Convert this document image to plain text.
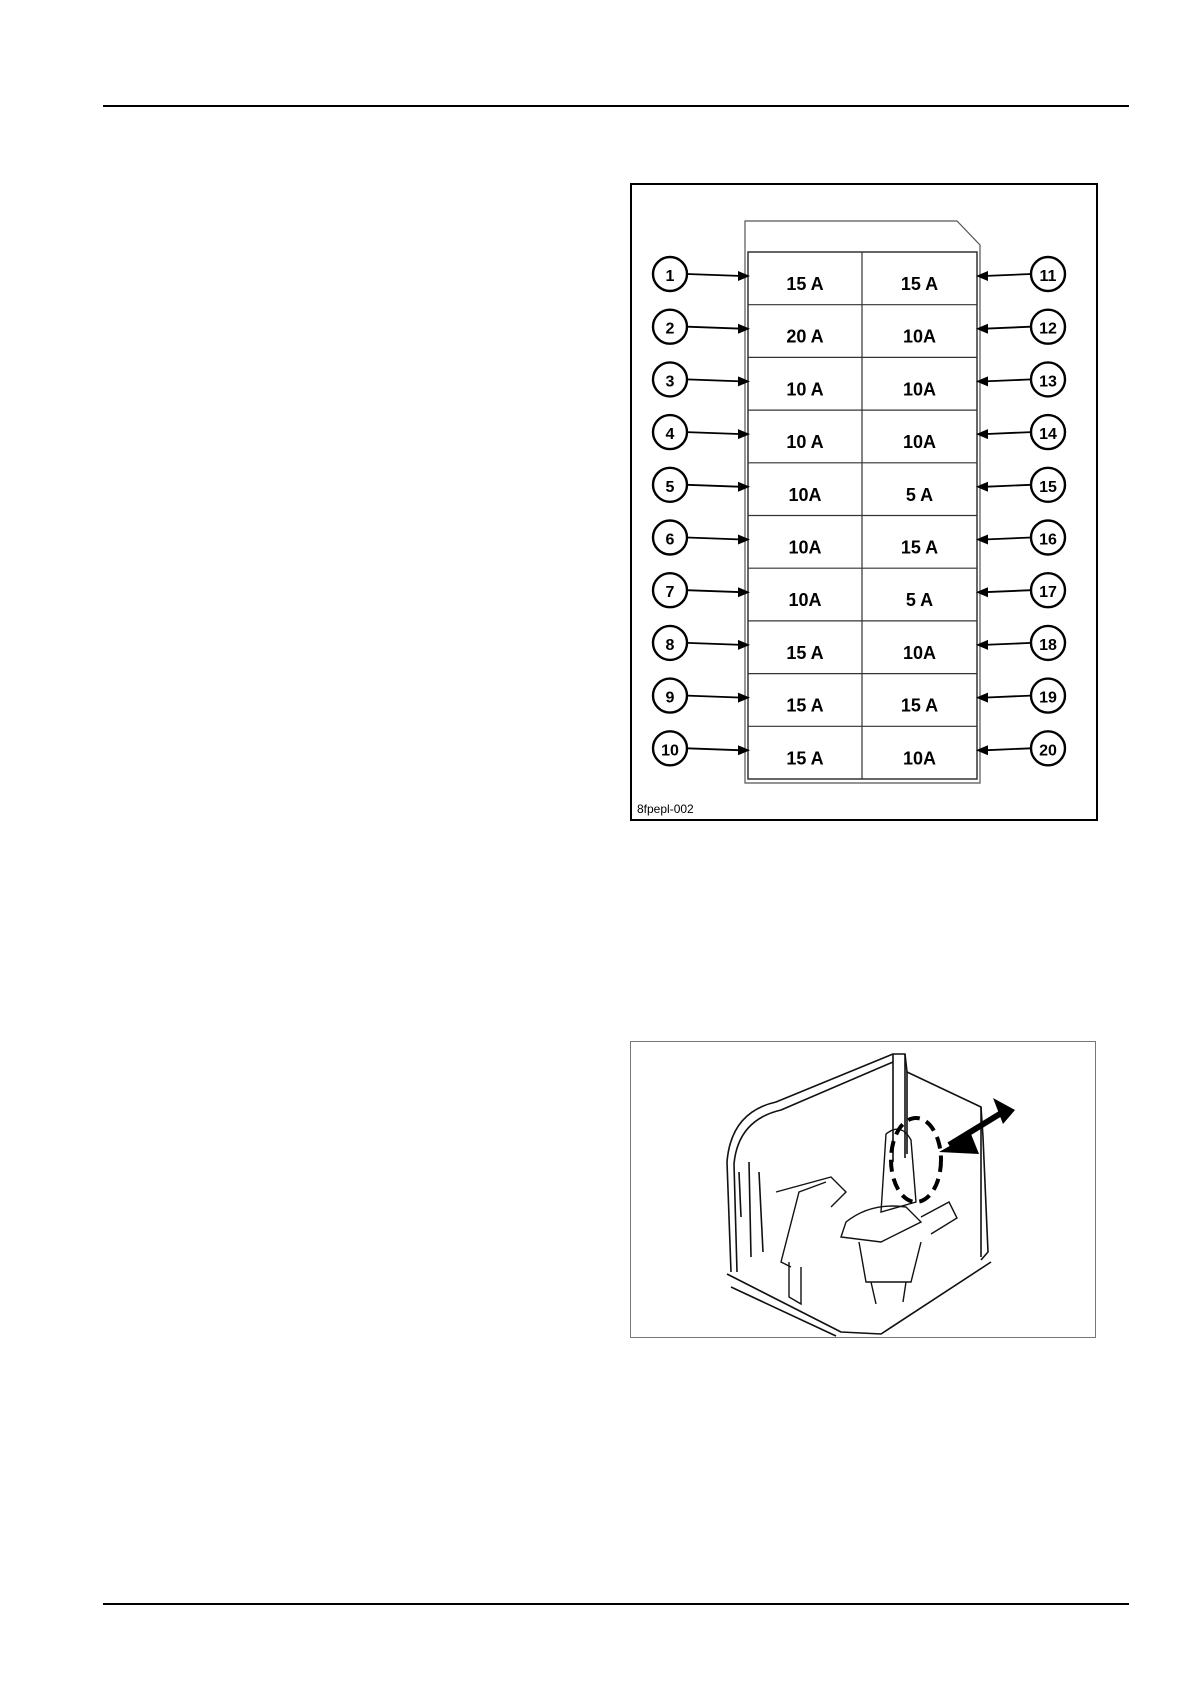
15 A	15 A
1	11
20 A	10A
2	12
10 A	10A
3	13
10 A	10A
4	14
10A	5 A
5	15
10A	15 A
6	16
10A	5 A
7	17
15 A	10A
8	18
15 A	15 A
9	19
15 A	10A
10	20
8fpepl-002
